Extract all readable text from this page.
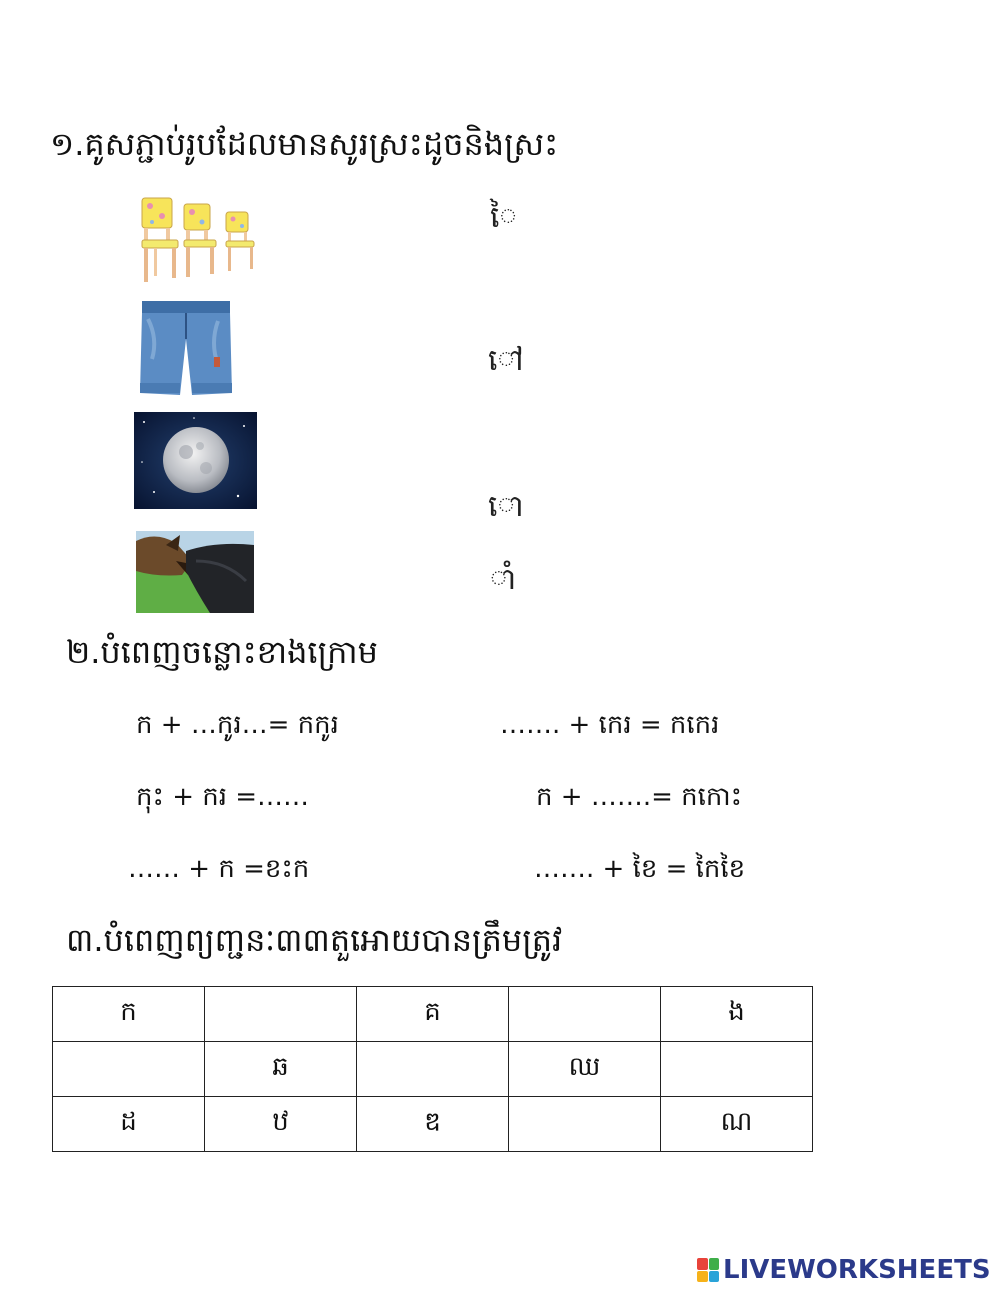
១.គូសភ្ជាប់រូបដែលមានសូរស្រះដូចនិងស្រះ
ៃ
ៅ
ោ
ាំ
២.បំពេញចន្លោះខាងក្រោម
ក + …កូរ…= កកូរ	……. + កេរ = កកេរ
កុះ + ករ =……	ក + …….= កកោះ
…… + ក =ខះក	……. + ខៃ = កៃខៃ
៣.បំពេញព្យញ្ជនៈ៣៣តួអោយបានត្រឹមត្រូវ
ក		គ		ង
	ឆ		ឈ	
ដ	ឋ	ឌ		ណ
LIVEWORKSHEETS
